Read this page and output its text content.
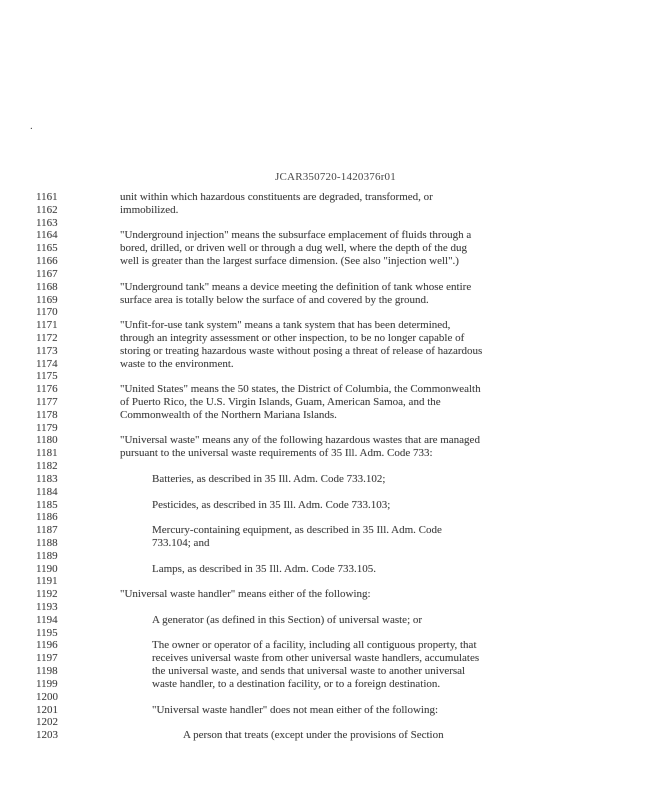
.
JCAR350720-1420376r01
1161	unit within which hazardous constituents are degraded, transformed, or
1162	immobilized.
1163
1164	"Underground injection" means the subsurface emplacement of fluids through a
1165	bored, drilled, or driven well or through a dug well, where the depth of the dug
1166	well is greater than the largest surface dimension. (See also "injection well".)
1167
1168	"Underground tank" means a device meeting the definition of tank whose entire
1169	surface area is totally below the surface of and covered by the ground.
1170
1171	"Unfit-for-use tank system" means a tank system that has been determined,
1172	through an integrity assessment or other inspection, to be no longer capable of
1173	storing or treating hazardous waste without posing a threat of release of hazardous
1174	waste to the environment.
1175
1176	"United States" means the 50 states, the District of Columbia, the Commonwealth
1177	of Puerto Rico, the U.S. Virgin Islands, Guam, American Samoa, and the
1178	Commonwealth of the Northern Mariana Islands.
1179
1180	"Universal waste" means any of the following hazardous wastes that are managed
1181	pursuant to the universal waste requirements of 35 Ill. Adm. Code 733:
1182
1183	Batteries, as described in 35 Ill. Adm. Code 733.102;
1184
1185	Pesticides, as described in 35 Ill. Adm. Code 733.103;
1186
1187	Mercury-containing equipment, as described in 35 Ill. Adm. Code
1188	733.104; and
1189
1190	Lamps, as described in 35 Ill. Adm. Code 733.105.
1191
1192	"Universal waste handler" means either of the following:
1193
1194	A generator (as defined in this Section) of universal waste; or
1195
1196	The owner or operator of a facility, including all contiguous property, that
1197	receives universal waste from other universal waste handlers, accumulates
1198	the universal waste, and sends that universal waste to another universal
1199	waste handler, to a destination facility, or to a foreign destination.
1200
1201	"Universal waste handler" does not mean either of the following:
1202
1203	A person that treats (except under the provisions of Section
